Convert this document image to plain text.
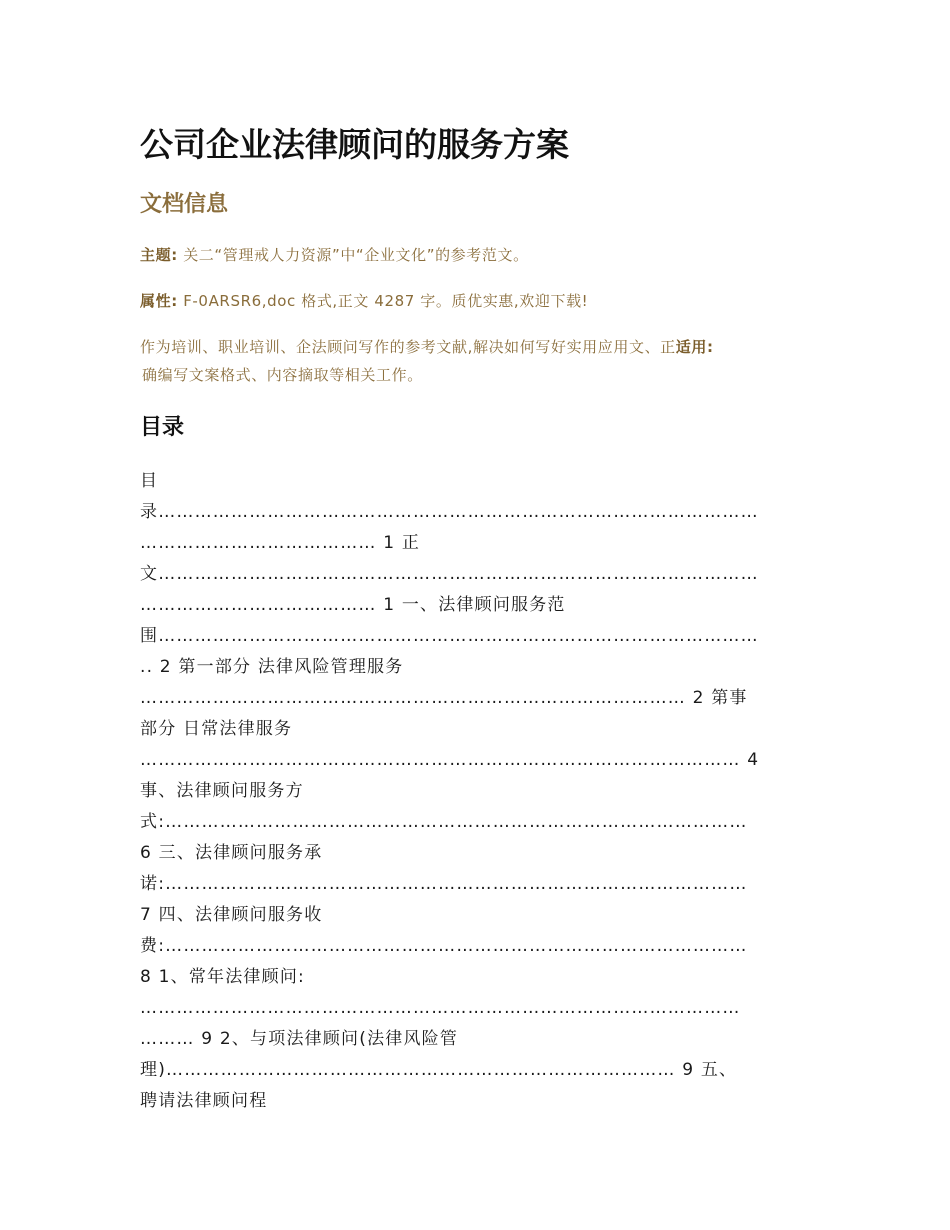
公司企业法律顾问的服务方案
文档信息
主题: 关二“管理戒人力资源”中“企业文化”的参考范文。
属性: F-0ARSR6,doc 格式,正文 4287 字。质优实惠,欢迎下载!
作为培训、职业培训、企法顾问写作的参考文献,解决如何写好实用应用文、正适用:
确编写文案格式、内容摘取等相关工作。
目录
目
录………………………………………………………………………………………
………………………………… 1 正
文………………………………………………………………………………………
………………………………… 1 一、法律顾问服务范
围………………………………………………………………………………………
.. 2 第一部分 法律风险管理服务
……………………………………………………………………………… 2 第事
部分 日常法律服务
……………………………………………………………………………………… 4
事、法律顾问服务方
式:……………………………………………………………………………………
6 三、法律顾问服务承
诺:……………………………………………………………………………………
7 四、法律顾问服务收
费:……………………………………………………………………………………
8 1、常年法律顾问:
………………………………………………………………………………………
……… 9 2、与项法律顾问(法律风险管
理)………………………………………………………………………… 9 五、
聘请法律顾问程
